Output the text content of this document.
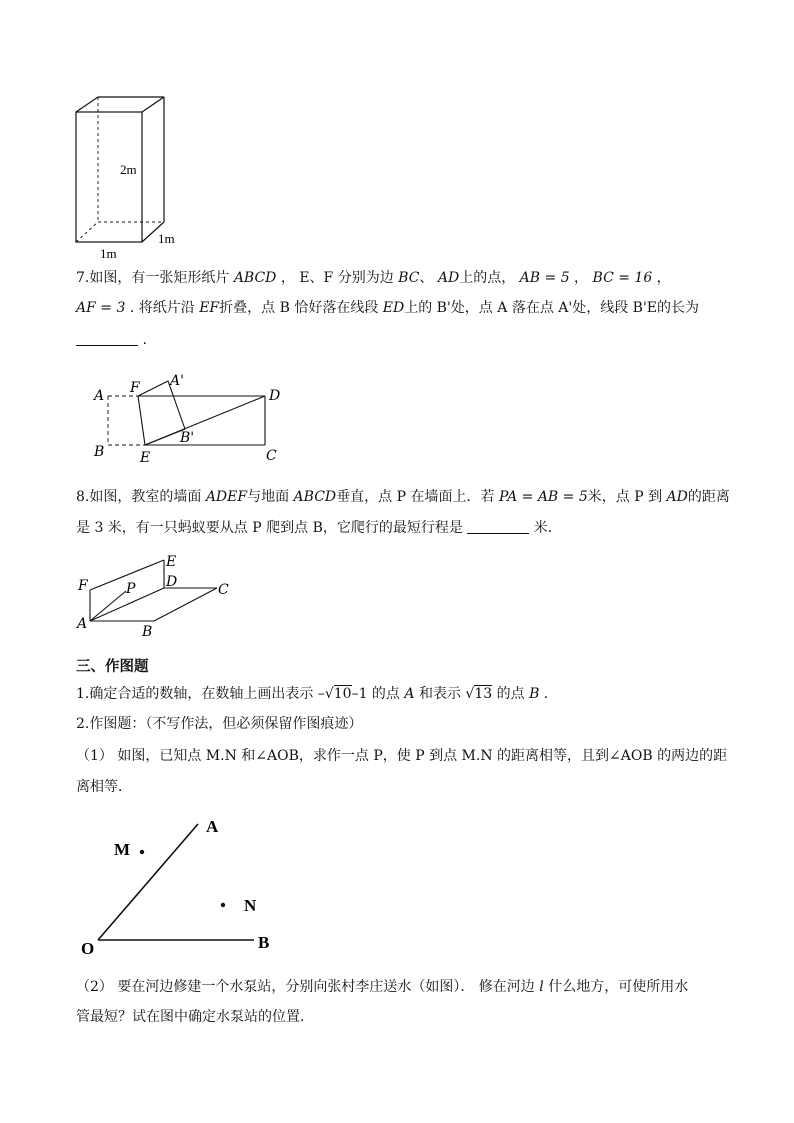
2m
1m
1m
7.如图，有一张矩形纸片 ABCD ， E、F 分别为边 BC、 AD上的点， AB = 5 ， BC = 16 ，
AF = 3 . 将纸片沿 EF折叠，点 B 恰好落在线段 ED上的 B'处，点 A 落在点 A'处，线段 B'E的长为
.
A
B	C
D
E
F A'
B'
8.如图，教室的墙面 ADEF与地面 ABCD垂直，点 P 在墙面上．若 PA = AB = 5米，点 P 到 AD的距离
是 3 米，有一只蚂蚁要从点 P 爬到点 B，它爬行的最短行程是	米．
F
E
D	C
A	B
P
三、作图题
1.确定合适的数轴，在数轴上画出表示 –√10–1 的点 A 和表示 √13 的点 B .
2.作图题：（不写作法，但必须保留作图痕迹）
（1） 如图，已知点 M.N 和∠AOB，求作一点 P，使 P 到点 M.N 的距离相等，且到∠AOB 的两边的距
离相等．
A
B
O
M
N
（2） 要在河边修建一个水泵站，分别向张村李庄送水（如图）． 修在河边 l 什么地方，可使所用水
管最短？试在图中确定水泵站的位置．
